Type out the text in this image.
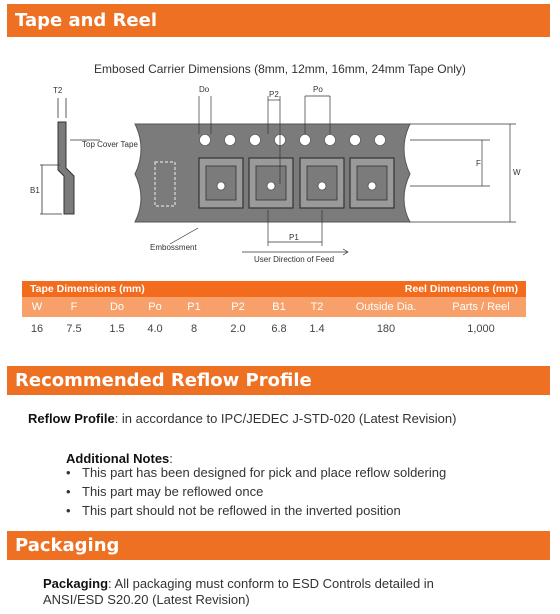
Tape and Reel
Embosed Carrier Dimensions (8mm, 12mm, 16mm, 24mm Tape Only)
T2
B1
Top Cover Tape
Do
P2
Po
F
W
P1
Embossment
User Direction of Feed
Tape Dimensions (mm)	Reel Dimensions (mm)
W	F	Do	Po	P1	P2	B1	T2	Outside Dia.	Parts / Reel
16	7.5	1.5	4.0	8	2.0	6.8	1.4	180	1,000
Recommended Reflow Profile
Reflow Profile: in accordance to IPC/JEDEC J-STD-020 (Latest Revision)
Additional Notes:
• This part has been designed for pick and place reflow soldering
• This part may be reflowed once
• This part should not be reflowed in the inverted position
Packaging
Packaging: All packaging must conform to ESD Controls detailed in ANSI/ESD S20.20 (Latest Revision)
